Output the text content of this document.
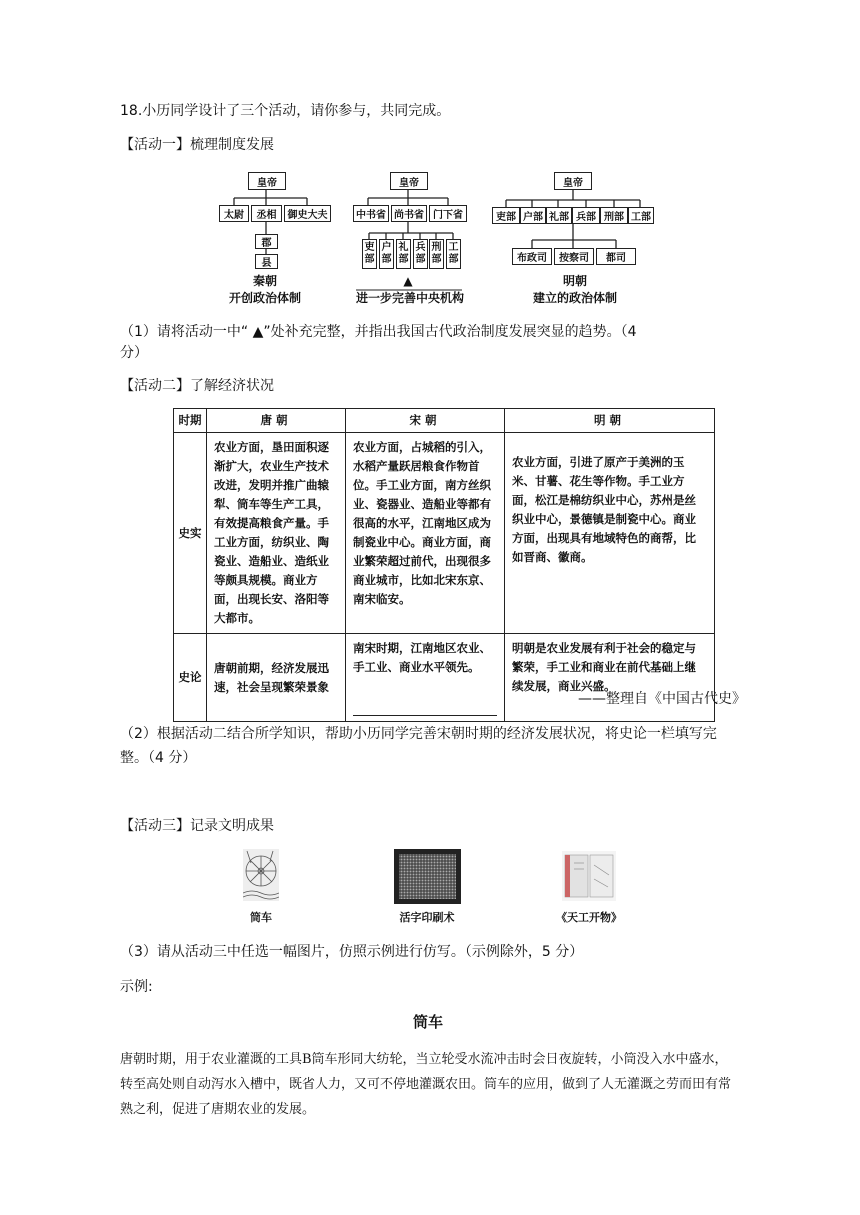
18.小历同学设计了三个活动，请你参与，共同完成。
【活动一】梳理制度发展
皇帝
太尉	丞相	御史大夫
郡
县
秦朝
开创政治体制
皇帝
中书省 尚书省 门下省
吏部
户部
礼部
兵部
刑部
工部
▲
进一步完善中央机构
皇帝
吏部 户部 礼部 兵部 刑部 工部
布政司	按察司	都司
明朝
建立的政治体制
（1）请将活动一中“ ▲”处补充完整，并指出我国古代政治制度发展突显的趋势。（4
分）
【活动二】了解经济状况
时期	唐朝	宋朝	明朝
史实	农业方面，垦田面积逐渐扩大，农业生产技术改进，发明并推广曲辕犁、筒车等生产工具，有效提高粮食产量。手工业方面，纺织业、陶瓷业、造船业、造纸业等颇具规模。商业方面，出现长安、洛阳等大都市。	农业方面，占城稻的引入，水稻产量跃居粮食作物首位。手工业方面，南方丝织业、瓷器业、造船业等都有很高的水平，江南地区成为制瓷业中心。商业方面，商业繁荣超过前代，出现很多商业城市，比如北宋东京、南宋临安。	农业方面，引进了原产于美洲的玉米、甘薯、花生等作物。手工业方面，松江是棉纺织业中心，苏州是丝织业中心，景德镇是制瓷中心。商业方面，出现具有地域特色的商帮，比如晋商、徽商。
史论	唐朝前期，经济发展迅速，社会呈现繁荣景象	南宋时期，江南地区农业、手工业、商业水平领先。	明朝是农业发展有利于社会的稳定与繁荣，手工业和商业在前代基础上继续发展，商业兴盛。
——整理自《中国古代史》
（2）根据活动二结合所学知识，帮助小历同学完善宋朝时期的经济发展状况，将史论一栏填写完整。（4 分）
【活动三】记录文明成果
筒车	活字印刷术	《天工开物》
（3）请从活动三中任选一幅图片，仿照示例进行仿写。（示例除外，5 分）
示例:
筒车
唐朝时期，用于农业灌溉的工具B筒车形同大纺轮，当立轮受水流冲击时会日夜旋转，小筒没入水中盛水，转至高处则自动泻水入槽中，既省人力，又可不停地灌溉农田。筒车的应用，做到了人无灌溉之劳而田有常熟之利，促进了唐期农业的发展。
